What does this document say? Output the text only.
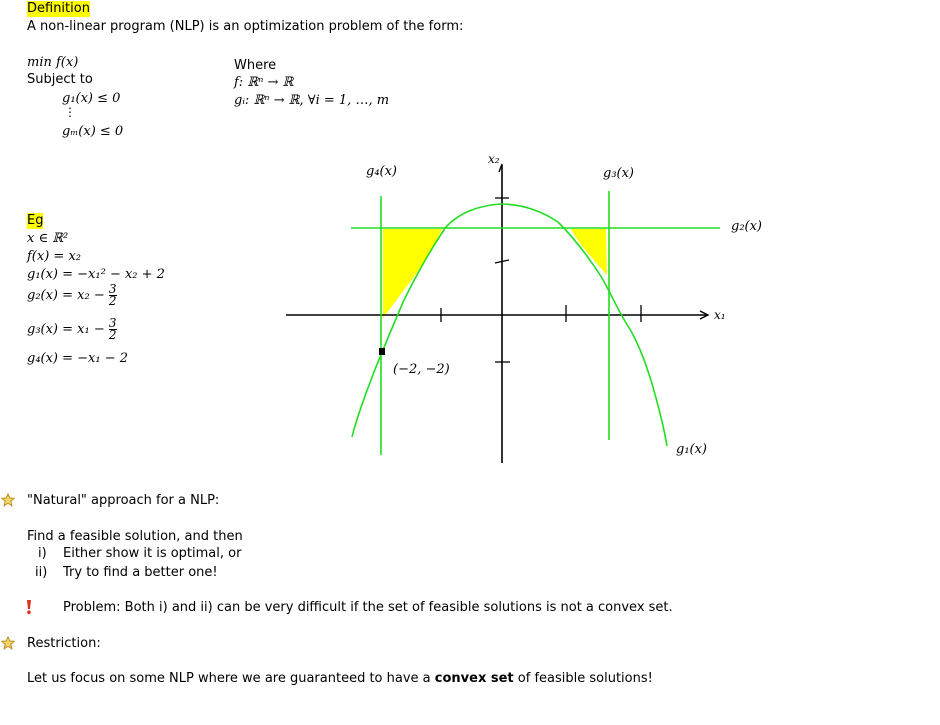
Definition
A non-linear program (NLP) is an optimization problem of the form:
min f(x)
Subject to
g₁(x) ≤ 0
⋮
gₘ(x) ≤ 0
Where
f: ℝⁿ → ℝ
gᵢ: ℝⁿ → ℝ, ∀i = 1, …, m
Eg
x ∈ ℝ²
f(x) = x₂
g₁(x) = −x₁² − x₂ + 2
$g_2(x) = x_2 - \frac{3}{2}$
$g_3(x) = x_1 - \frac{3}{2}$
g₄(x) = −x₁ − 2
x₂
x₁
g₄(x)	g₃(x)
g₂(x)
g₁(x)
(−2, −2)
"Natural" approach for a NLP:
Find a feasible solution, and then
i) Either show it is optimal, or
ii) Try to find a better one!
Problem: Both i) and ii) can be very difficult if the set of feasible solutions is not a convex set.
Restriction:
Let us focus on some NLP where we are guaranteed to have a convex set of feasible solutions!
